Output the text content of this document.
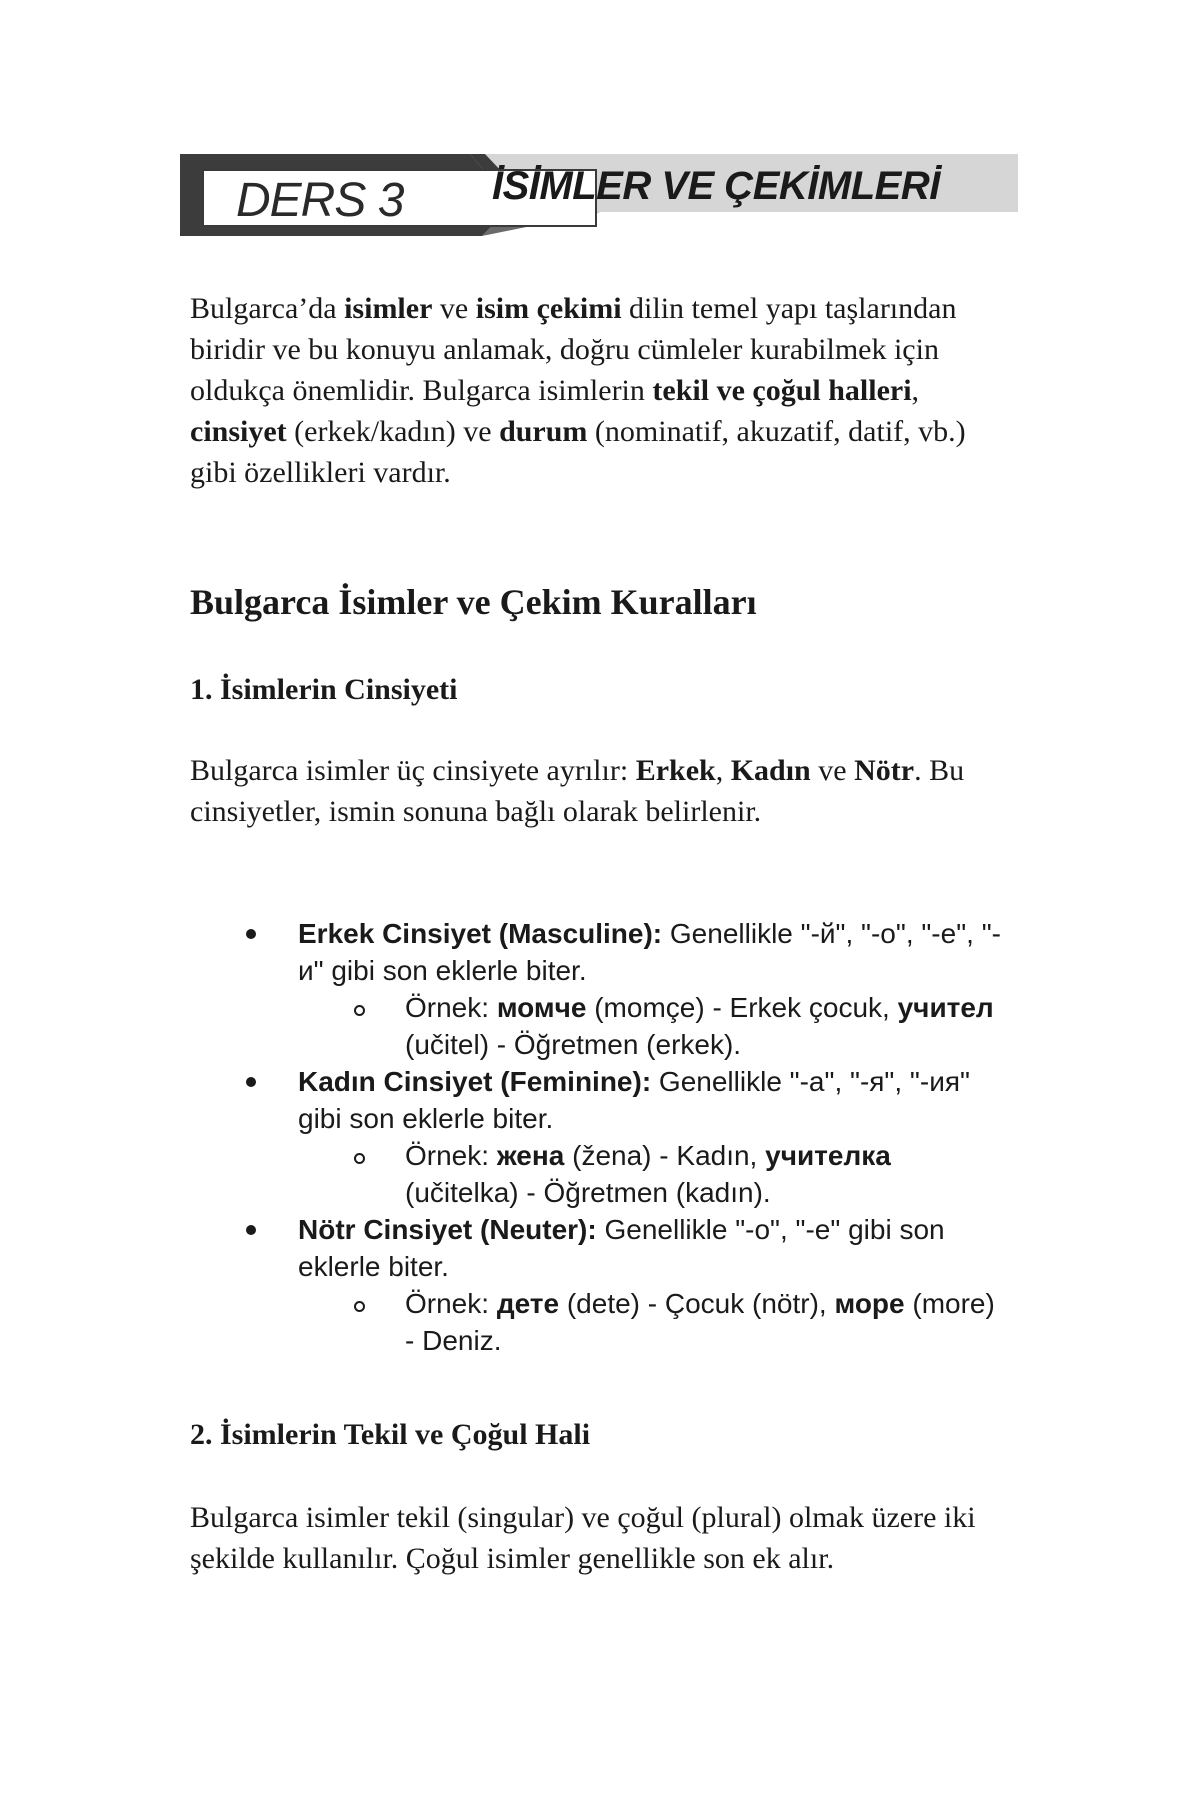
DERS 3 İSİMLER VE ÇEKİMLERİ

Bulgarca’da isimler ve isim çekimi dilin temel yapı taşlarından biridir ve bu konuyu anlamak, doğru cümleler kurabilmek için oldukça önemlidir. Bulgarca isimlerin tekil ve çoğul halleri, cinsiyet (erkek/kadın) ve durum (nominatif, akuzatif, datif, vb.) gibi özellikleri vardır.

Bulgarca İsimler ve Çekim Kuralları
1. İsimlerin Cinsiyeti

Bulgarca isimler üç cinsiyete ayrılır: Erkek, Kadın ve Nötr. Bu cinsiyetler, ismin sonuna bağlı olarak belirlenir.

Erkek Cinsiyet (Masculine): Genellikle "-й", "-o", "-e", "-и" gibi son eklerle biter.
Örnek: момче (momçe) - Erkek çocuk, учител (učitel) - Öğretmen (erkek).
Kadın Cinsiyet (Feminine): Genellikle "-a", "-я", "-ия" gibi son eklerle biter.
Örnek: жена (žena) - Kadın, учителка (učitelka) - Öğretmen (kadın).
Nötr Cinsiyet (Neuter): Genellikle "-o", "-e" gibi son eklerle biter.
Örnek: дете (dete) - Çocuk (nötr), море (more) - Deniz.
2. İsimlerin Tekil ve Çoğul Hali

Bulgarca isimler tekil (singular) ve çoğul (plural) olmak üzere iki şekilde kullanılır. Çoğul isimler genellikle son ek alır.
